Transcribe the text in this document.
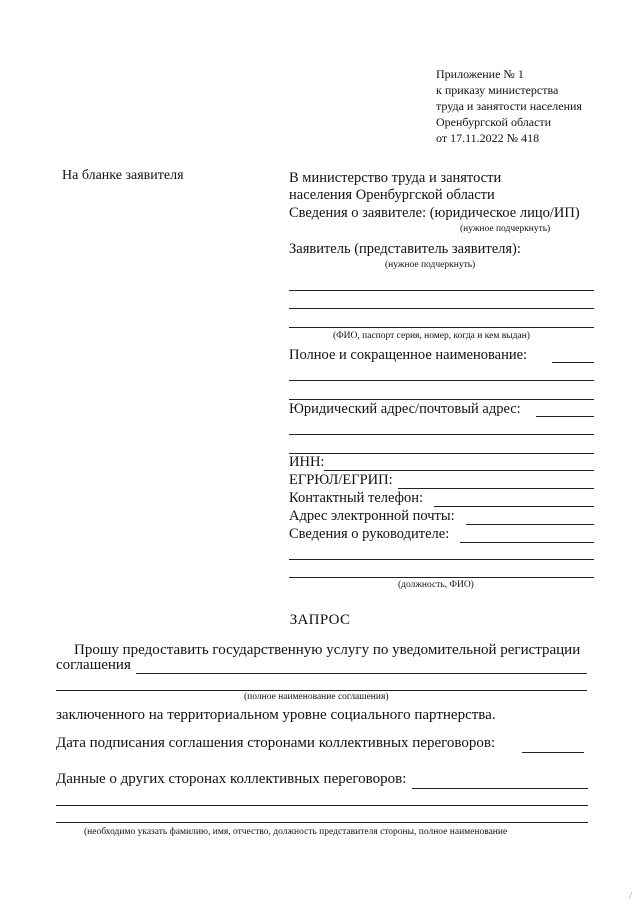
Приложение № 1
к приказу министерства
труда и занятости населения
Оренбургской области
от 17.11.2022 № 418
На бланке заявителя	В министерство труда и занятости
населения Оренбургской области
Сведения о заявителе: (юридическое лицо/ИП)
(нужное подчеркнуть)
Заявитель (представитель заявителя):
(нужное подчеркнуть)
(ФИО, паспорт серия, номер, когда и кем выдан)
Полное и сокращенное наименование:
Юридический адрес/почтовый адрес:
ИНН:
ЕГРЮЛ/ЕГРИП:
Контактный телефон:
Адрес электронной почты:
Сведения о руководителе:
(должность, ФИО)
ЗАПРОС
Прошу предоставить государственную услугу по уведомительной регистрации
соглашения
(полное наименование соглашения)
заключенного на территориальном уровне социального партнерства.
Дата подписания соглашения сторонами коллективных переговоров:
Данные о других сторонах коллективных переговоров:
(необходимо указать фамилию, имя, отчество, должность представителя стороны, полное наименование
/
